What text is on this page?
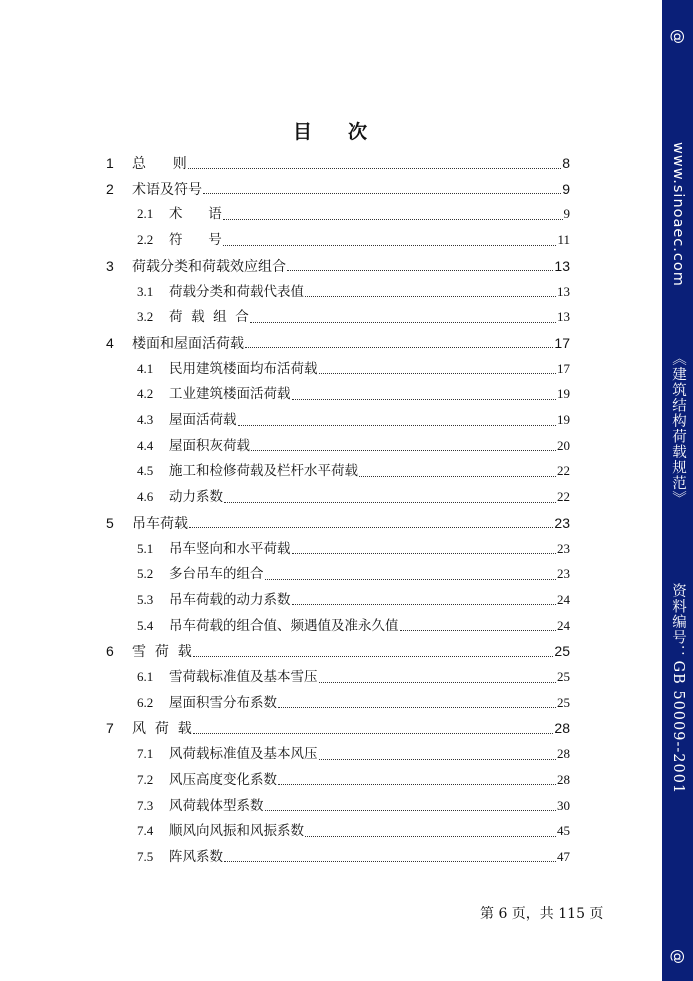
目 次
1	总      则	8
2	术语及符号	9
2.1	术      语	9
2.2	符      号	11
3	荷载分类和荷载效应组合	13
3.1	荷载分类和荷载代表值	13
3.2	荷  载  组  合	13
4	楼面和屋面活荷载	17
4.1	民用建筑楼面均布活荷载	17
4.2	工业建筑楼面活荷载	19
4.3	屋面活荷载	19
4.4	屋面积灰荷载	20
4.5	施工和检修荷载及栏杆水平荷载	22
4.6	动力系数	22
5	吊车荷载	23
5.1	吊车竖向和水平荷载	23
5.2	多台吊车的组合	23
5.3	吊车荷载的动力系数	24
5.4	吊车荷载的组合值、频遇值及准永久值	24
6	雪  荷  载	25
6.1	雪荷载标准值及基本雪压	25
6.2	屋面积雪分布系数	25
7	风  荷  载	28
7.1	风荷载标准值及基本风压	28
7.2	风压高度变化系数	28
7.3	风荷载体型系数	30
7.4	顺风向风振和风振系数	45
7.5	阵风系数	47
第 6 页，共 115 页
@
www.sinoaec.com
《建筑结构荷载规范》
资料编号：GB 50009--2001
@
